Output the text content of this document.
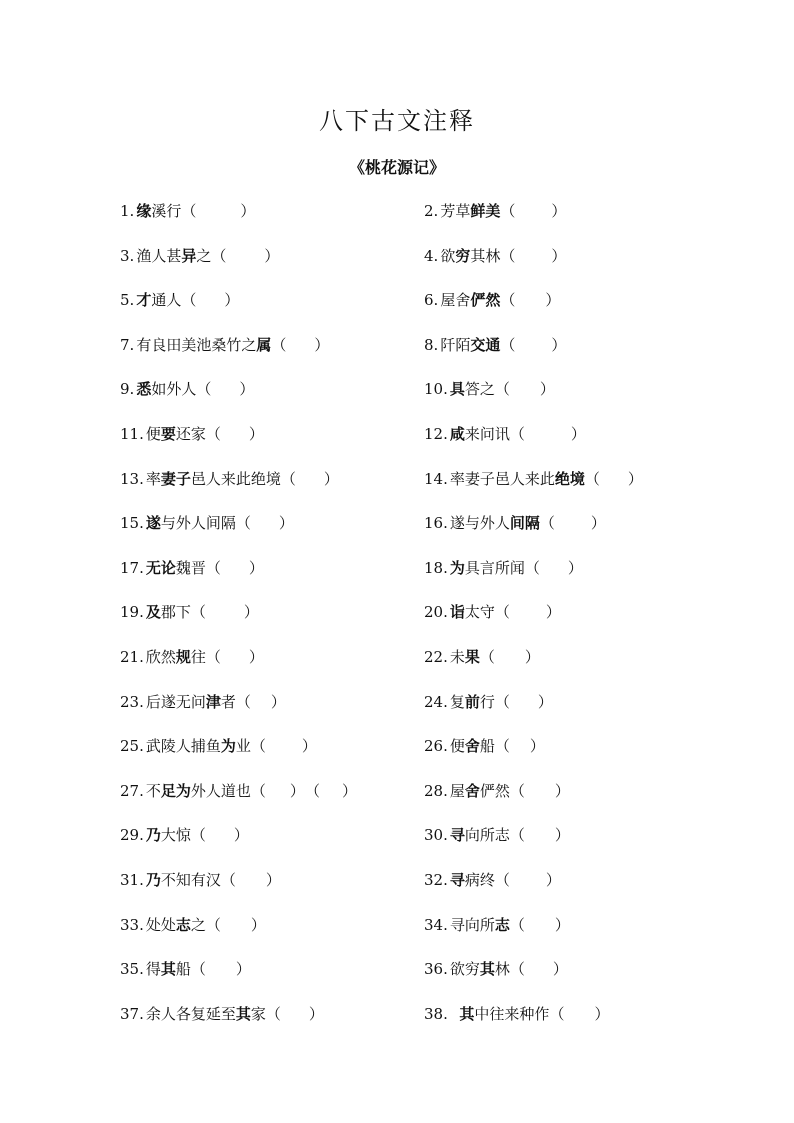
八下古文注释
《桃花源记》
1. 缘溪行（	）	2. 芳草鲜美（ ）
3. 渔人甚异之（	）	4. 欲穷其林（ ）
5. 才通人（ ）	6. 屋舍俨然（ ）
7. 有良田美池桑竹之属（ ）	8. 阡陌交通（ ）
9. 悉如外人（ ）	10. 具答之（ ）
11. 便要还家（ ）	12. 咸来问讯（	）
13. 率妻子邑人来此绝境（ ）	14. 率妻子邑人来此绝境（ ）
15. 遂与外人间隔（ ）	16. 遂与外人间隔（ ）
17. 无论魏晋（ ）	18. 为具言所闻（ ）
19. 及郡下（	）	20. 诣太守（ ）
21. 欣然规往（ ）	22. 未果（ ）
23. 后遂无问津者（ ）	24. 复前行（ ）
25. 武陵人捕鱼为业（ ）	26. 便舍船（ ）
27. 不足为外人道也（ ）（ ）	28. 屋舍俨然（ ）
29. 乃大惊（ ）	30. 寻向所志（ ）
31. 乃不知有汉（ ）	32. 寻病终（ ）
33. 处处志之（ ）	34. 寻向所志（ ）
35. 得其船（ ）	36. 欲穷其林（ ）
37. 余人各复延至其家（ ）	38. 其中往来种作（ ）
